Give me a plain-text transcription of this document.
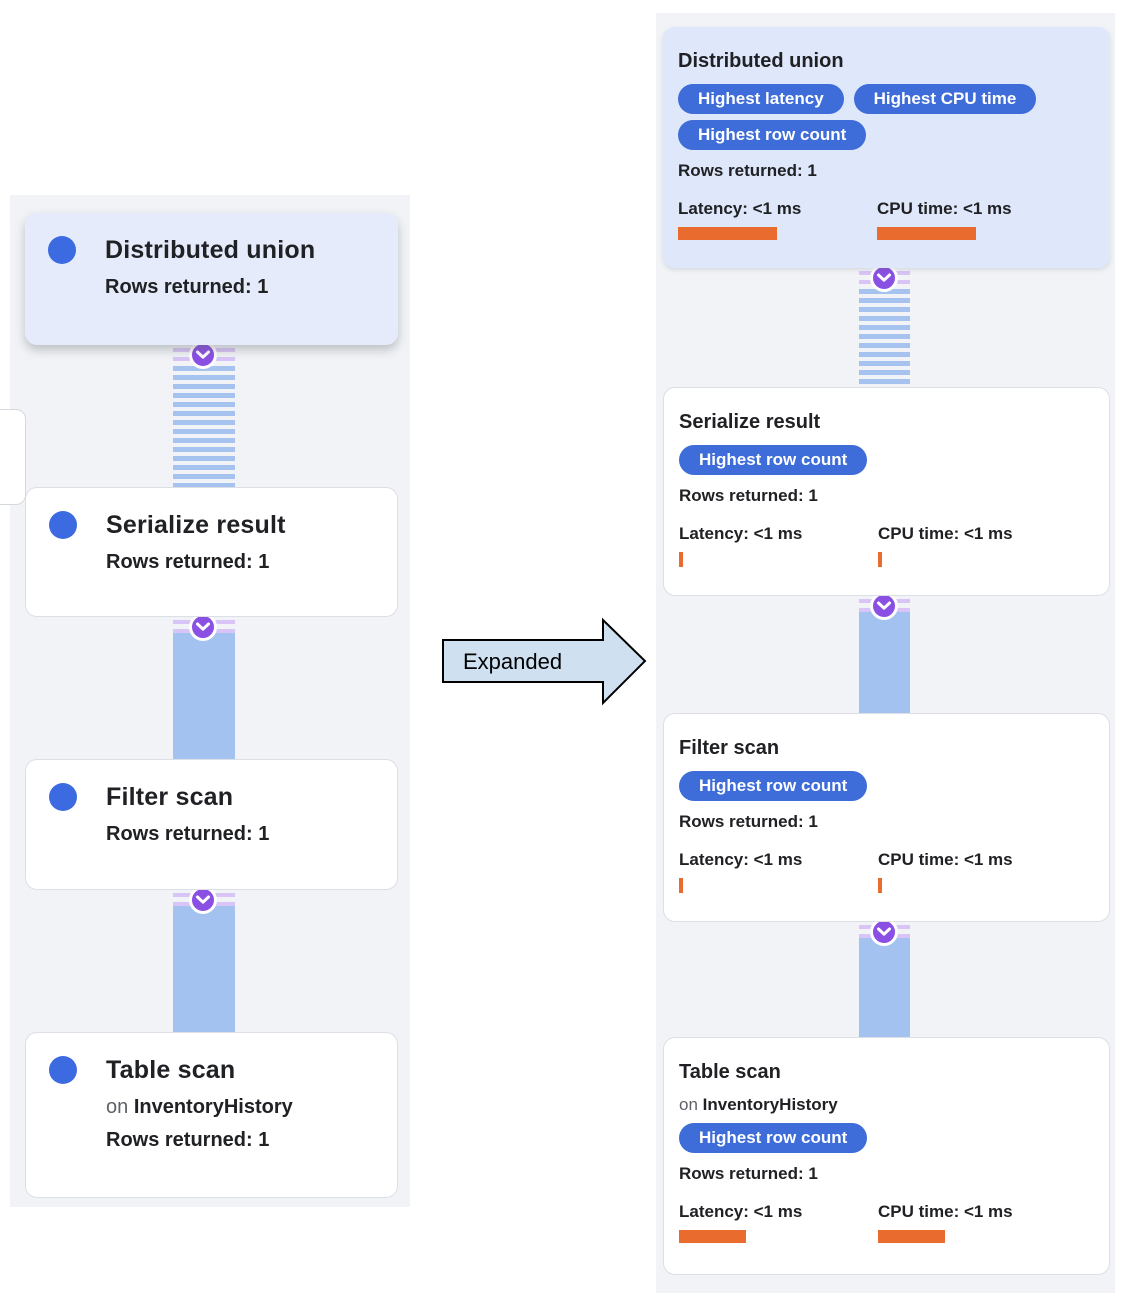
Distributed union
Rows returned: 1
Serialize result
Rows returned: 1
Filter scan
Rows returned: 1
Table scan
on InventoryHistory
Rows returned: 1
Expanded
Distributed union
Highest latency	Highest CPU timeHighest row count
Rows returned: 1
Latency: <1 ms	CPU time: <1 ms
Serialize result
Highest row count
Rows returned: 1
Latency: <1 ms	CPU time: <1 ms
Filter scan
Highest row count
Rows returned: 1
Latency: <1 ms	CPU time: <1 ms
Table scan
on InventoryHistory
Highest row count
Rows returned: 1
Latency: <1 ms	CPU time: <1 ms
